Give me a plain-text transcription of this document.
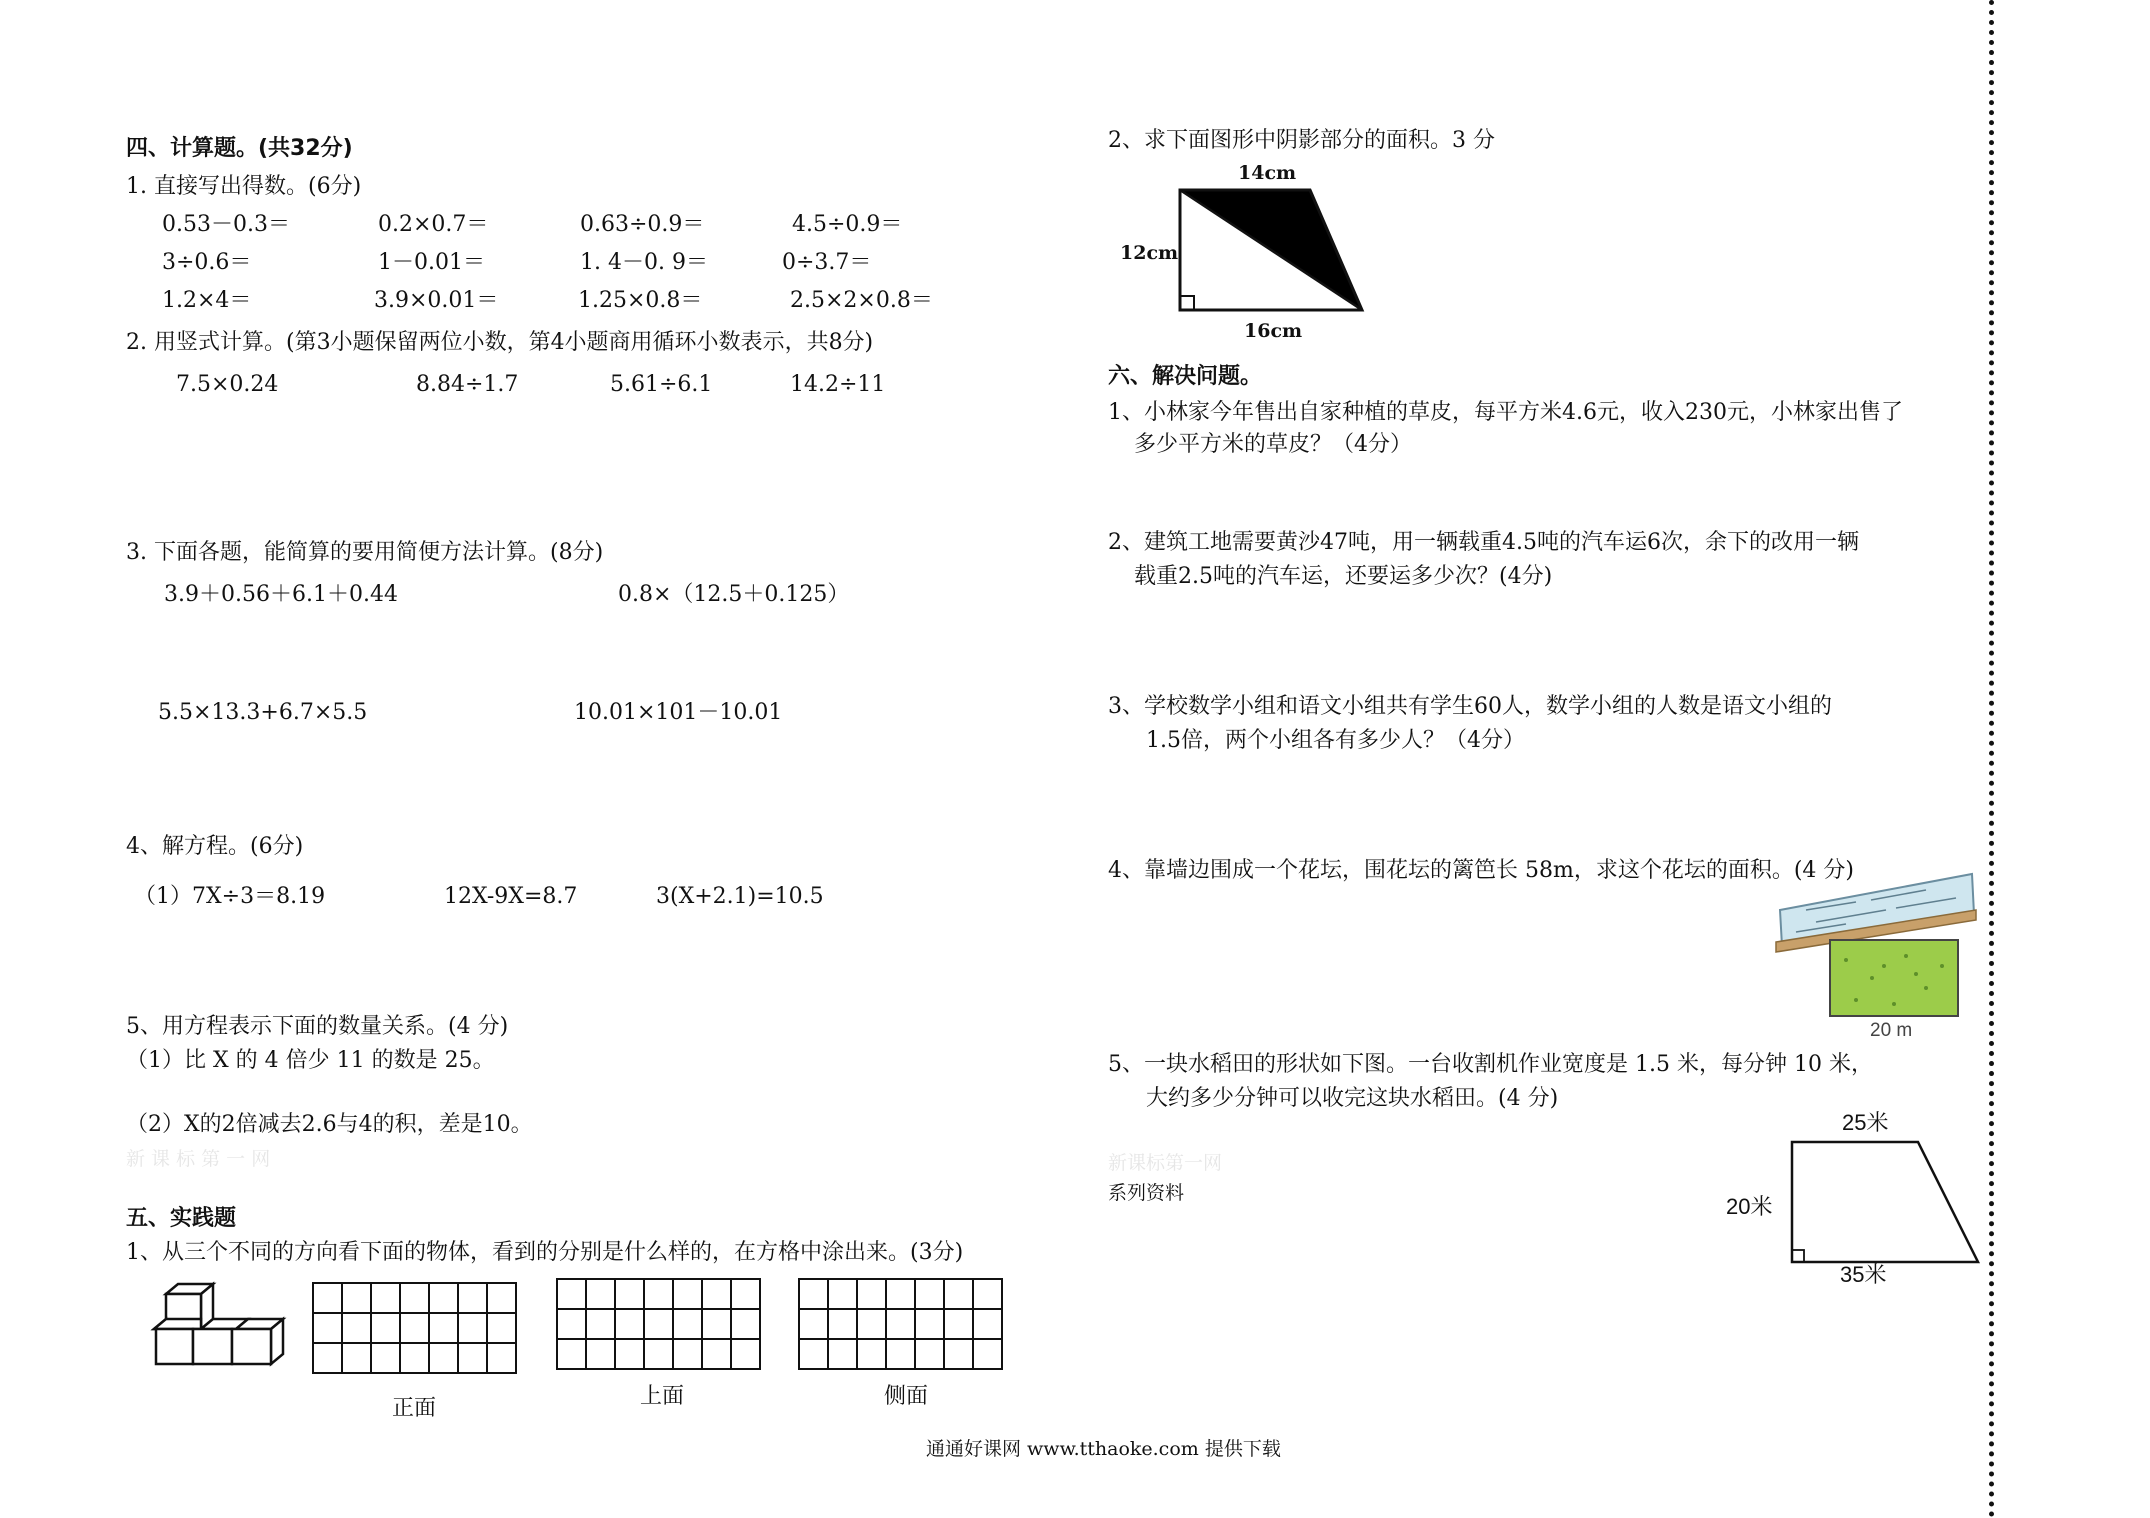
四、计算题。(共32分)
1. 直接写出得数。(6分)
0.53－0.3＝	0.2×0.7＝	0.63÷0.9＝	4.5÷0.9＝
3÷0.6＝	1－0.01＝	1. 4－0. 9＝	0÷3.7＝
1.2×4＝	3.9×0.01＝	1.25×0.8＝	2.5×2×0.8＝
2. 用竖式计算。(第3小题保留两位小数，第4小题商用循环小数表示，共8分)
7.5×0.24	8.84÷1.7	5.61÷6.1	14.2÷11
3. 下面各题，能简算的要用简便方法计算。(8分)
3.9＋0.56＋6.1＋0.44	0.8×（12.5＋0.125）
5.5×13.3+6.7×5.5	10.01×101－10.01
4、解方程。(6分)
（1）7X÷3＝8.19	12X-9X=8.7	3(X+2.1)=10.5
5、用方程表示下面的数量关系。(4 分)
（1）比 X 的 4 倍少 11 的数是 25。
（2）X的2倍减去2.6与4的积，差是10。
新 课 标 第 一 网
五、实践题
1、从三个不同的方向看下面的物体，看到的分别是什么样的，在方格中涂出来。(3分)

正面	上面	侧面
2、求下面图形中阴影部分的面积。3 分
14cm
12cm
16cm
六、解决问题。
1、小林家今年售出自家种植的草皮，每平方米4.6元，收入230元，小林家出售了
多少平方米的草皮？（4分）
2、建筑工地需要黄沙47吨，用一辆载重4.5吨的汽车运6次，余下的改用一辆
载重2.5吨的汽车运，还要运多少次？(4分)
3、学校数学小组和语文小组共有学生60人，数学小组的人数是语文小组的
1.5倍，两个小组各有多少人？（4分）
4、靠墙边围成一个花坛，围花坛的篱笆长 58m，求这个花坛的面积。(4 分)
20 m
5、一块水稻田的形状如下图。一台收割机作业宽度是 1.5 米，每分钟 10 米，
大约多少分钟可以收完这块水稻田。(4 分)
25米
20米
35米
新课标第一网
系列资料
通通好课网 www.tthaoke.com 提供下载
